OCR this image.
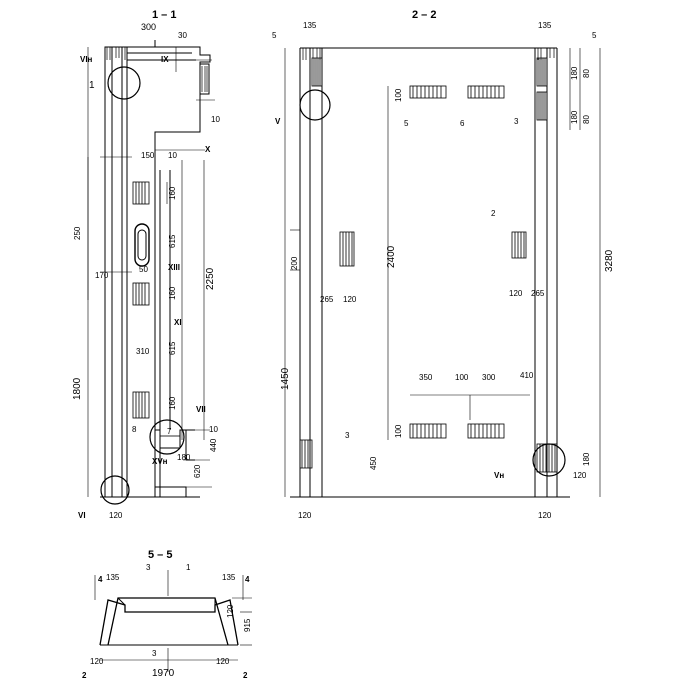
1 – 1	2 – 2
5 – 5
300
30
10
150 10
160
615
250
170
50
160
2250
310 615
1800
160
10
440
180
620
120
VIн	IX
X
XIII
XI
VII
XVн
VI
1
8	7
5
135	135
5
100
180 80
180 80
200	2400	3280
1450
265 120
120 265
350	100 300	410
100
450
120
180
120	120
V
Vн
5	6	3
2
3
4
3	1
4
2	2
135	135
120
915
120	120
1970
3
